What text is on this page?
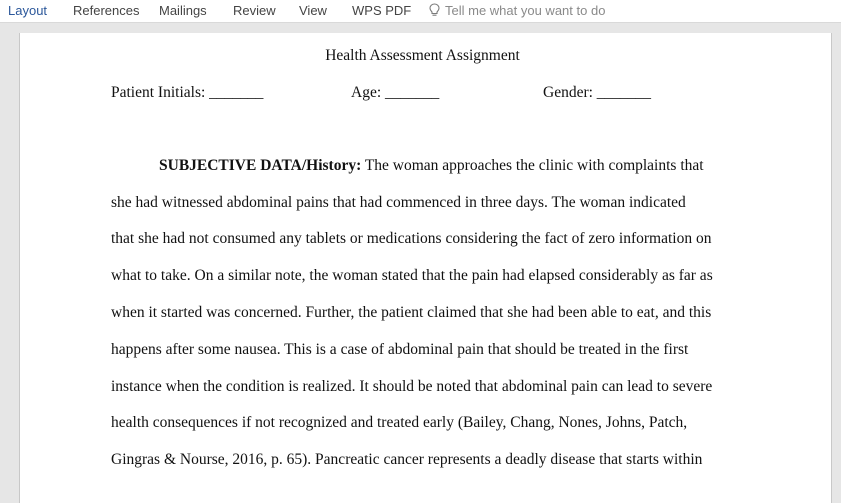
Layout References Mailings Review View WPS PDF	Tell me what you want to do
Health Assessment Assignment
Patient Initials: _______	Age: _______	Gender: _______
SUBJECTIVE DATA/History: The woman approaches the clinic with complaints that
she had witnessed abdominal pains that had commenced in three days. The woman indicated
that she had not consumed any tablets or medications considering the fact of zero information on
what to take. On a similar note, the woman stated that the pain had elapsed considerably as far as
when it started was concerned. Further, the patient claimed that she had been able to eat, and this
happens after some nausea. This is a case of abdominal pain that should be treated in the first
instance when the condition is realized. It should be noted that abdominal pain can lead to severe
health consequences if not recognized and treated early (Bailey, Chang, Nones, Johns, Patch,
Gingras & Nourse, 2016, p. 65). Pancreatic cancer represents a deadly disease that starts within
